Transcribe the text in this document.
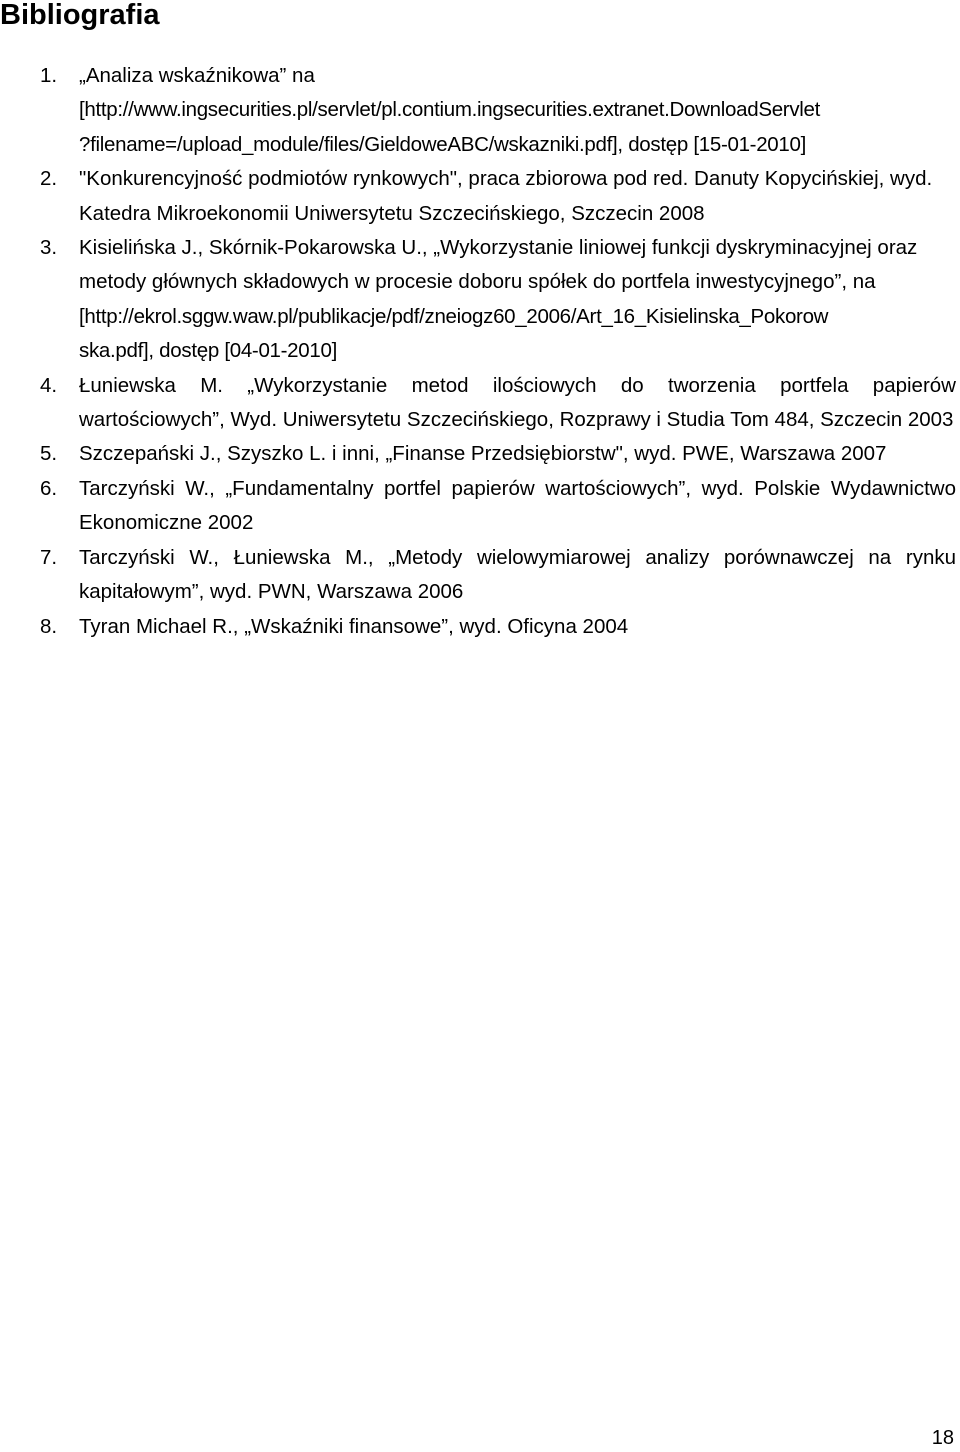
Bibliografia
1.	„Analiza wskaźnikowa” na
[http://www.ingsecurities.pl/servlet/pl.contium.ingsecurities.extranet.DownloadServlet
?filename=/upload_module/files/GieldoweABC/wskazniki.pdf], dostęp [15-01-2010]
2.	"Konkurencyjność podmiotów rynkowych", praca zbiorowa pod red. Danuty Kopycińskiej, wyd. Katedra Mikroekonomii Uniwersytetu Szczecińskiego, Szczecin 2008

3.	Kisielińska J., Skórnik-Pokarowska U., „Wykorzystanie liniowej funkcji dyskryminacyjnej oraz metody głównych składowych w procesie doboru spółek do portfela inwestycyjnego”, na
[http://ekrol.sggw.waw.pl/publikacje/pdf/zneiogz60_2006/Art_16_Kisielinska_Pokorow
ska.pdf], dostęp [04-01-2010]
4.	Łuniewska M. „Wykorzystanie metod ilościowych do tworzenia portfela papierów wartościowych”, Wyd. Uniwersytetu Szczecińskiego, Rozprawy i Studia Tom 484, Szczecin 2003

5.	Szczepański J., Szyszko L. i inni, „Finanse Przedsiębiorstw", wyd. PWE, Warszawa 2007

6.	Tarczyński W., „Fundamentalny portfel papierów wartościowych”, wyd. Polskie Wydawnictwo Ekonomiczne 2002

7.	Tarczyński W., Łuniewska M., „Metody wielowymiarowej analizy porównawczej na rynku kapitałowym”, wyd. PWN, Warszawa 2006

8.	Tyran Michael R., „Wskaźniki finansowe”, wyd. Oficyna 2004

18
